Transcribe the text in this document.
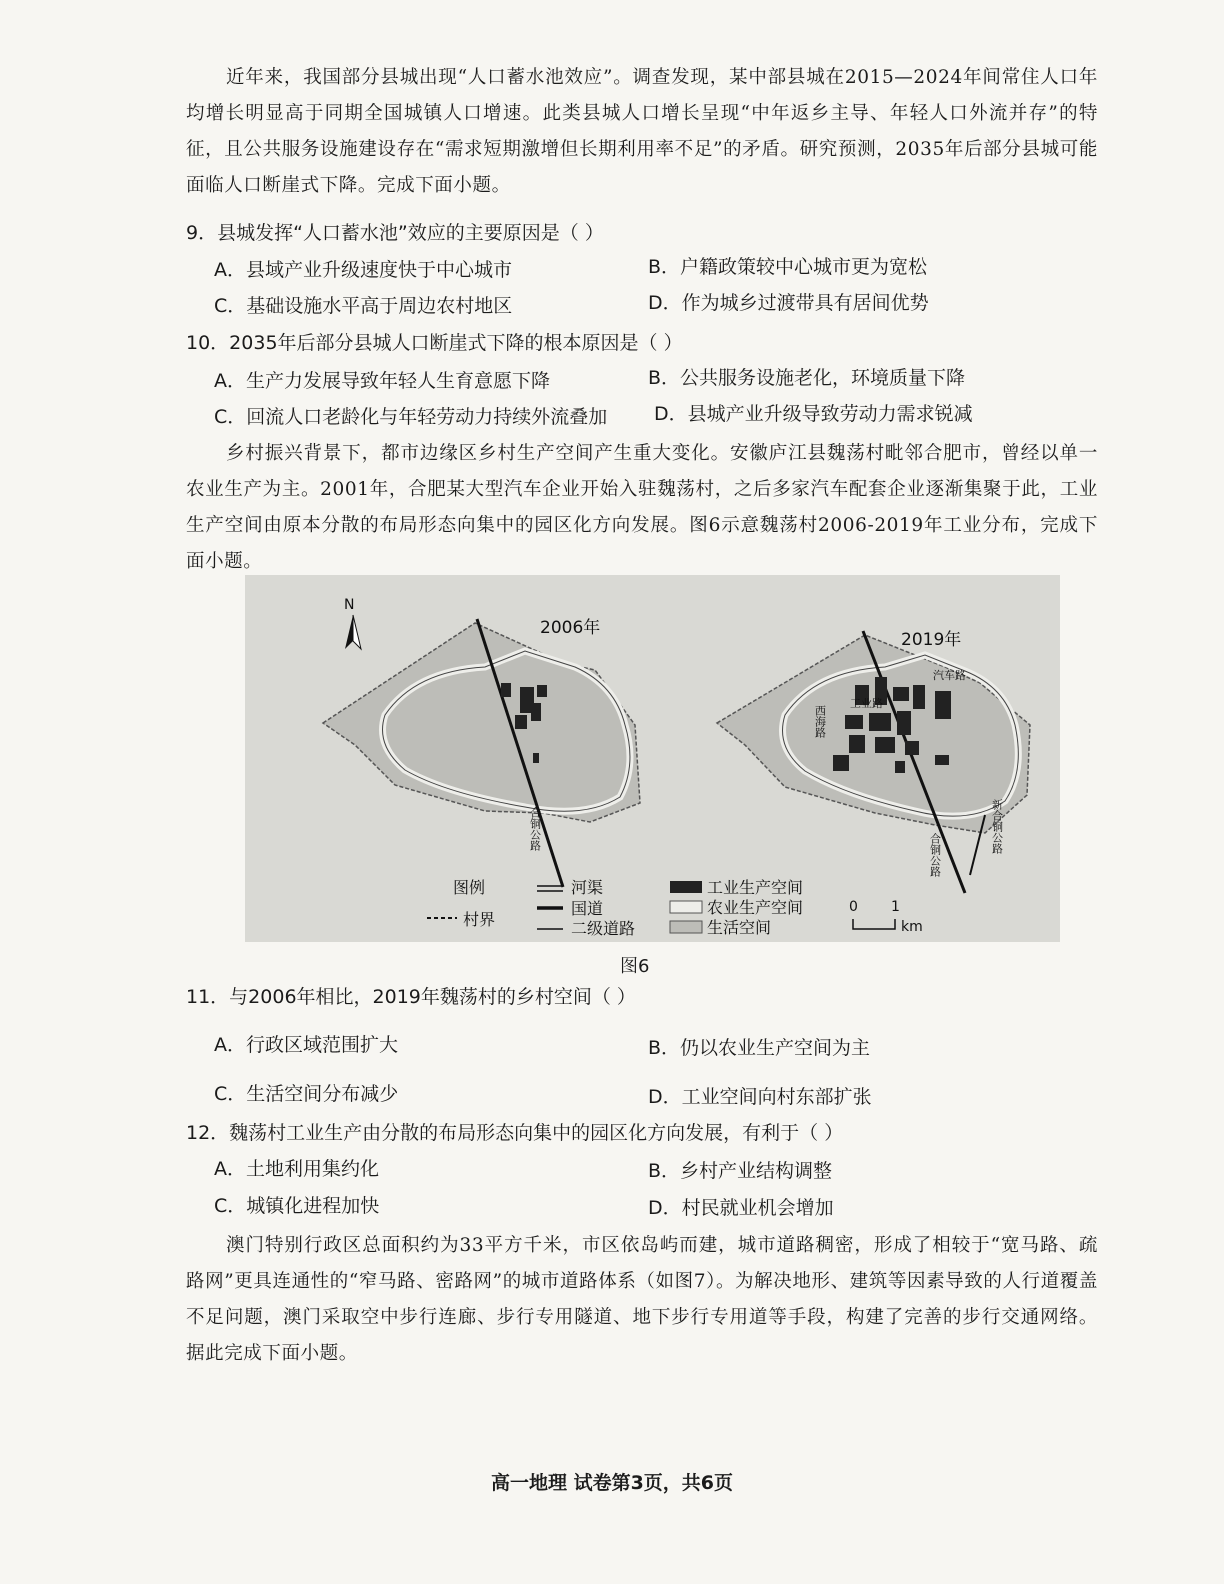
近年来，我国部分县城出现“人口蓄水池效应”。调查发现，某中部县城在2015—2024年间常住人口年均增长明显高于同期全国城镇人口增速。此类县城人口增长呈现“中年返乡主导、年轻人口外流并存”的特征，且公共服务设施建设存在“需求短期激增但长期利用率不足”的矛盾。研究预测，2035年后部分县城可能面临人口断崖式下降。完成下面小题。
9．县城发挥“人口蓄水池”效应的主要原因是（ ）
A．县域产业升级速度快于中心城市	B．户籍政策较中心城市更为宽松
C．基础设施水平高于周边农村地区	D．作为城乡过渡带具有居间优势
10．2035年后部分县城人口断崖式下降的根本原因是（ ）
A．生产力发展导致年轻人生育意愿下降	B．公共服务设施老化，环境质量下降
C．回流人口老龄化与年轻劳动力持续外流叠加 D．县城产业升级导致劳动力需求锐减
乡村振兴背景下，都市边缘区乡村生产空间产生重大变化。安徽庐江县魏荡村毗邻合肥市，曾经以单一农业生产为主。2001年，合肥某大型汽车企业开始入驻魏荡村，之后多家汽车配套企业逐渐集聚于此，工业生产空间由原本分散的布局形态向集中的园区化方向发展。图6示意魏荡村2006-2019年工业分布，完成下面小题。
N
2006年
合铜公路
2019年
西海路
工业路
汽车路
合铜公路
新合铜公路
图例
村界
河渠
国道
二级道路
工业生产空间
农业生产空间
生活空间
0 1
km
图6
11．与2006年相比，2019年魏荡村的乡村空间（ ）
A．行政区域范围扩大	B．仍以农业生产空间为主
C．生活空间分布减少	D．工业空间向村东部扩张
12．魏荡村工业生产由分散的布局形态向集中的园区化方向发展，有利于（ ）
A．土地利用集约化	B．乡村产业结构调整
C．城镇化进程加快	D．村民就业机会增加
澳门特别行政区总面积约为33平方千米，市区依岛屿而建，城市道路稠密，形成了相较于“宽马路、疏路网”更具连通性的“窄马路、密路网”的城市道路体系（如图7）。为解决地形、建筑等因素导致的人行道覆盖不足问题，澳门采取空中步行连廊、步行专用隧道、地下步行专用道等手段，构建了完善的步行交通网络。据此完成下面小题。
高一地理 试卷第3页，共6页
